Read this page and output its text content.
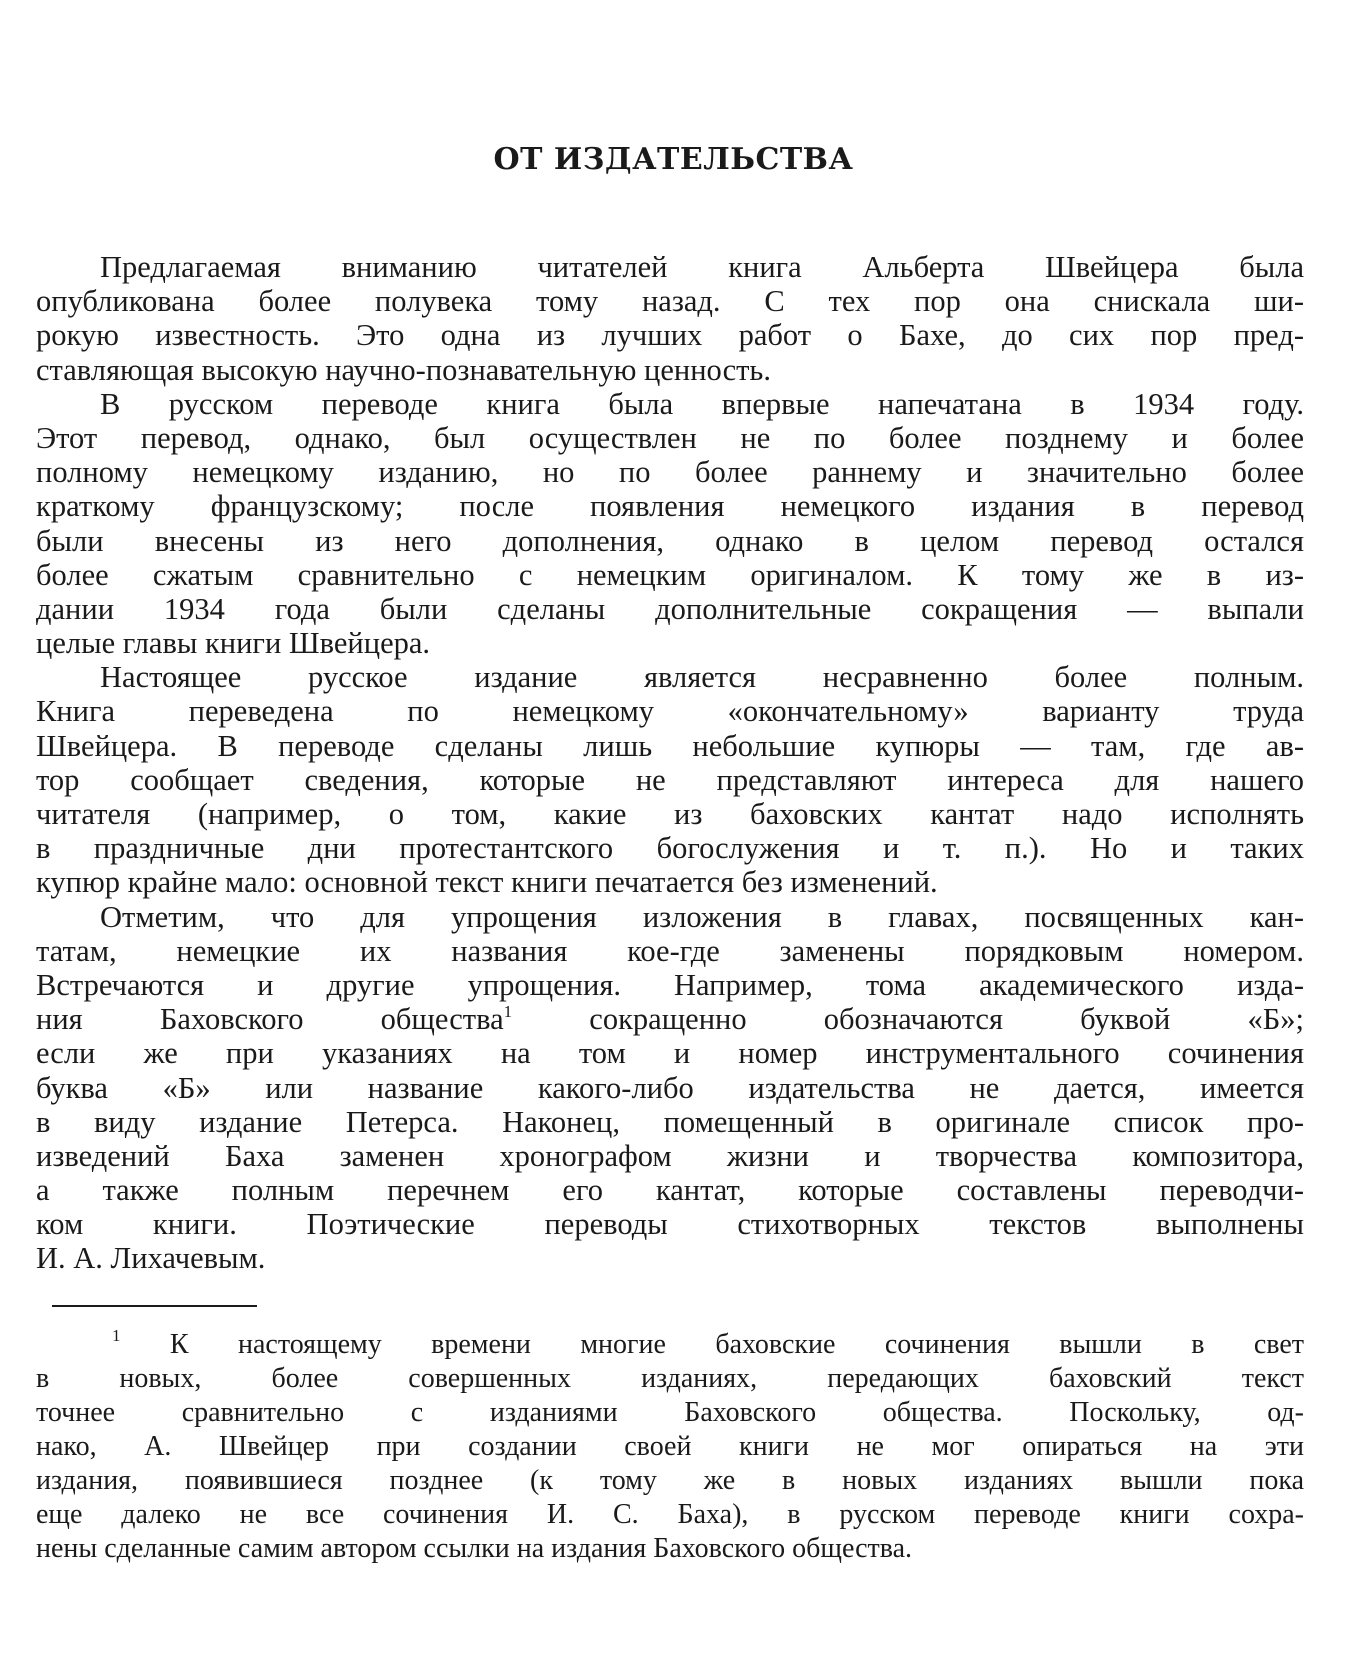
ОТ ИЗДАТЕЛЬСТВА
Предлагаемая вниманию читателей книга Альберта Швейцера была
опубликована более полувека тому назад. С тех пор она снискала ши-
рокую известность. Это одна из лучших работ о Бахе, до сих пор пред-
ставляющая высокую научно-познавательную ценность.
В русском переводе книга была впервые напечатана в 1934 году.
Этот перевод, однако, был осуществлен не по более позднему и более
полному немецкому изданию, но по более раннему и значительно более
краткому французскому; после появления немецкого издания в перевод
были внесены из него дополнения, однако в целом перевод остался
более сжатым сравнительно с немецким оригиналом. К тому же в из-
дании 1934 года были сделаны дополнительные сокращения — выпали
целые главы книги Швейцера.
Настоящее русское издание является несравненно более полным.
Книга переведена по немецкому «окончательному» варианту труда
Швейцера. В переводе сделаны лишь небольшие купюры — там, где ав-
тор сообщает сведения, которые не представляют интереса для нашего
читателя (например, о том, какие из баховских кантат надо исполнять
в праздничные дни протестантского богослужения и т. п.). Но и таких
купюр крайне мало: основной текст книги печатается без изменений.
Отметим, что для упрощения изложения в главах, посвященных кан-
татам, немецкие их названия кое-где заменены порядковым номером.
Встречаются и другие упрощения. Например, тома академического изда-
ния Баховского общества$^1$	сокращенно обозначаются буквой «Б»;
если же при указаниях на том и номер инструментального сочинения
буква «Б» или название какого-либо издательства не дается, имеется
в виду издание Петерса. Наконец, помещенный в оригинале список про-
изведений Баха заменен хронографом жизни и творчества композитора,
а также полным перечнем его кантат, которые составлены переводчи-
ком книги. Поэтические переводы стихотворных текстов выполнены
И. А. Лихачевым.
$^1$ К настоящему времени многие баховские сочинения вышли в свет
в новых, более совершенных изданиях, передающих баховский текст
точнее сравнительно с изданиями Баховского общества. Поскольку, од-
нако, А. Швейцер при создании своей книги не мог опираться на эти
издания, появившиеся позднее (к тому же в новых изданиях вышли пока
еще далеко не все сочинения И. С. Баха), в русском переводе книги сохра-
нены сделанные самим автором ссылки на издания Баховского общества.
